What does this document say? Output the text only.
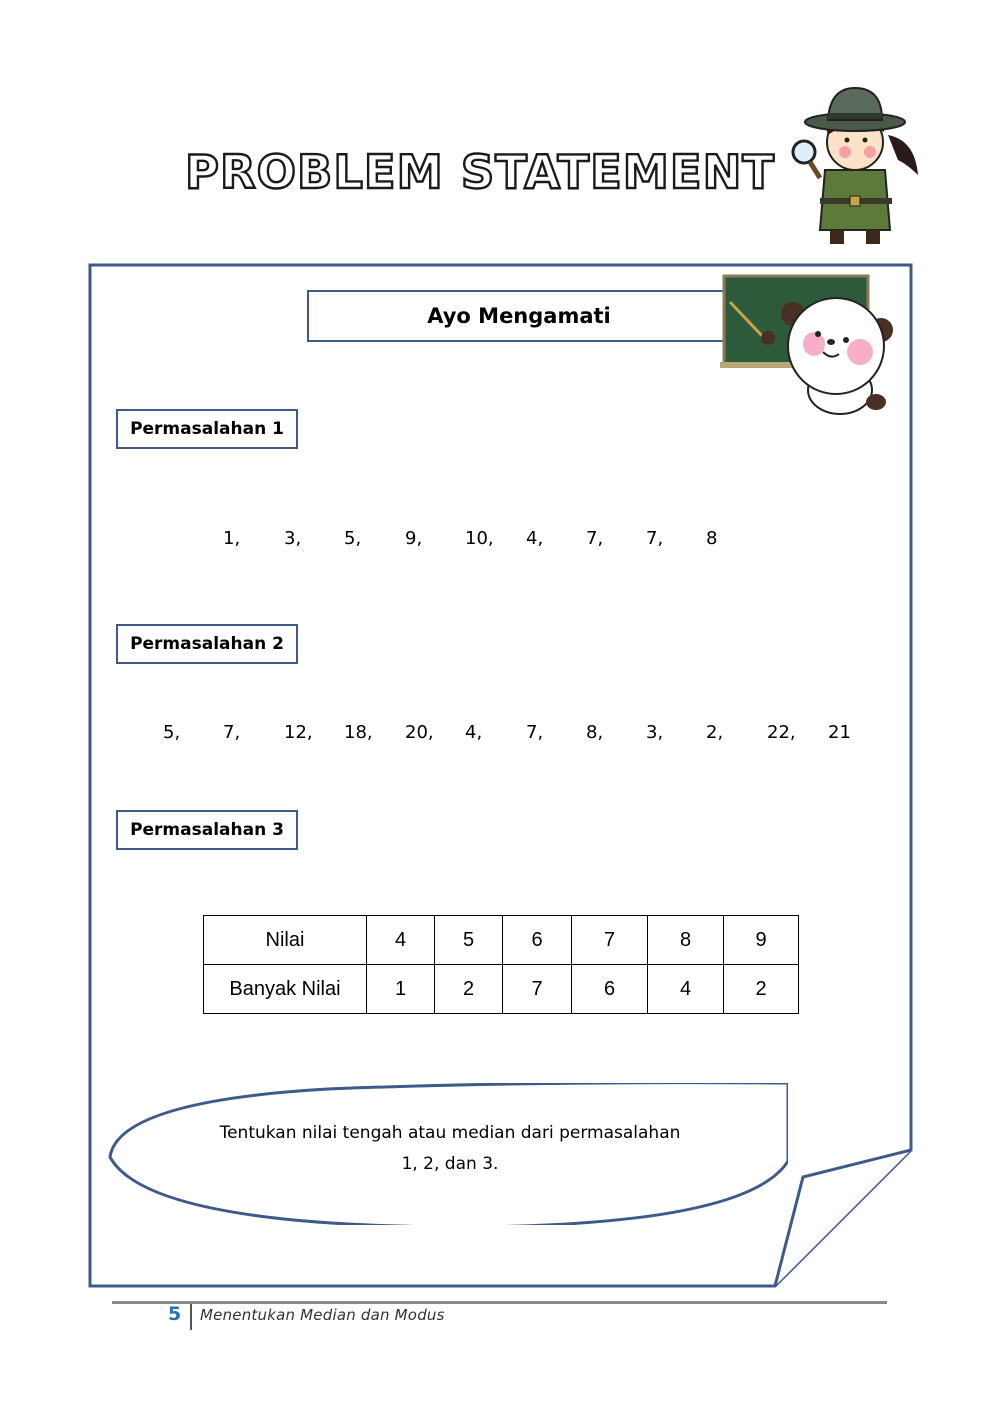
PROBLEM STATEMENT
Ayo Mengamati
Permasalahan 1
1, 3, 5, 9, 10, 4, 7, 7, 8
Permasalahan 2
5, 7, 12, 18, 20, 4, 7, 8, 3, 2, 22, 21
Permasalahan 3
Nilai	4	5	6	7	8	9
Banyak Nilai	1	2	7	6	4	2
Tentukan nilai tengah atau median dari permasalahan
1, 2, dan 3.
5 Menentukan Median dan Modus
